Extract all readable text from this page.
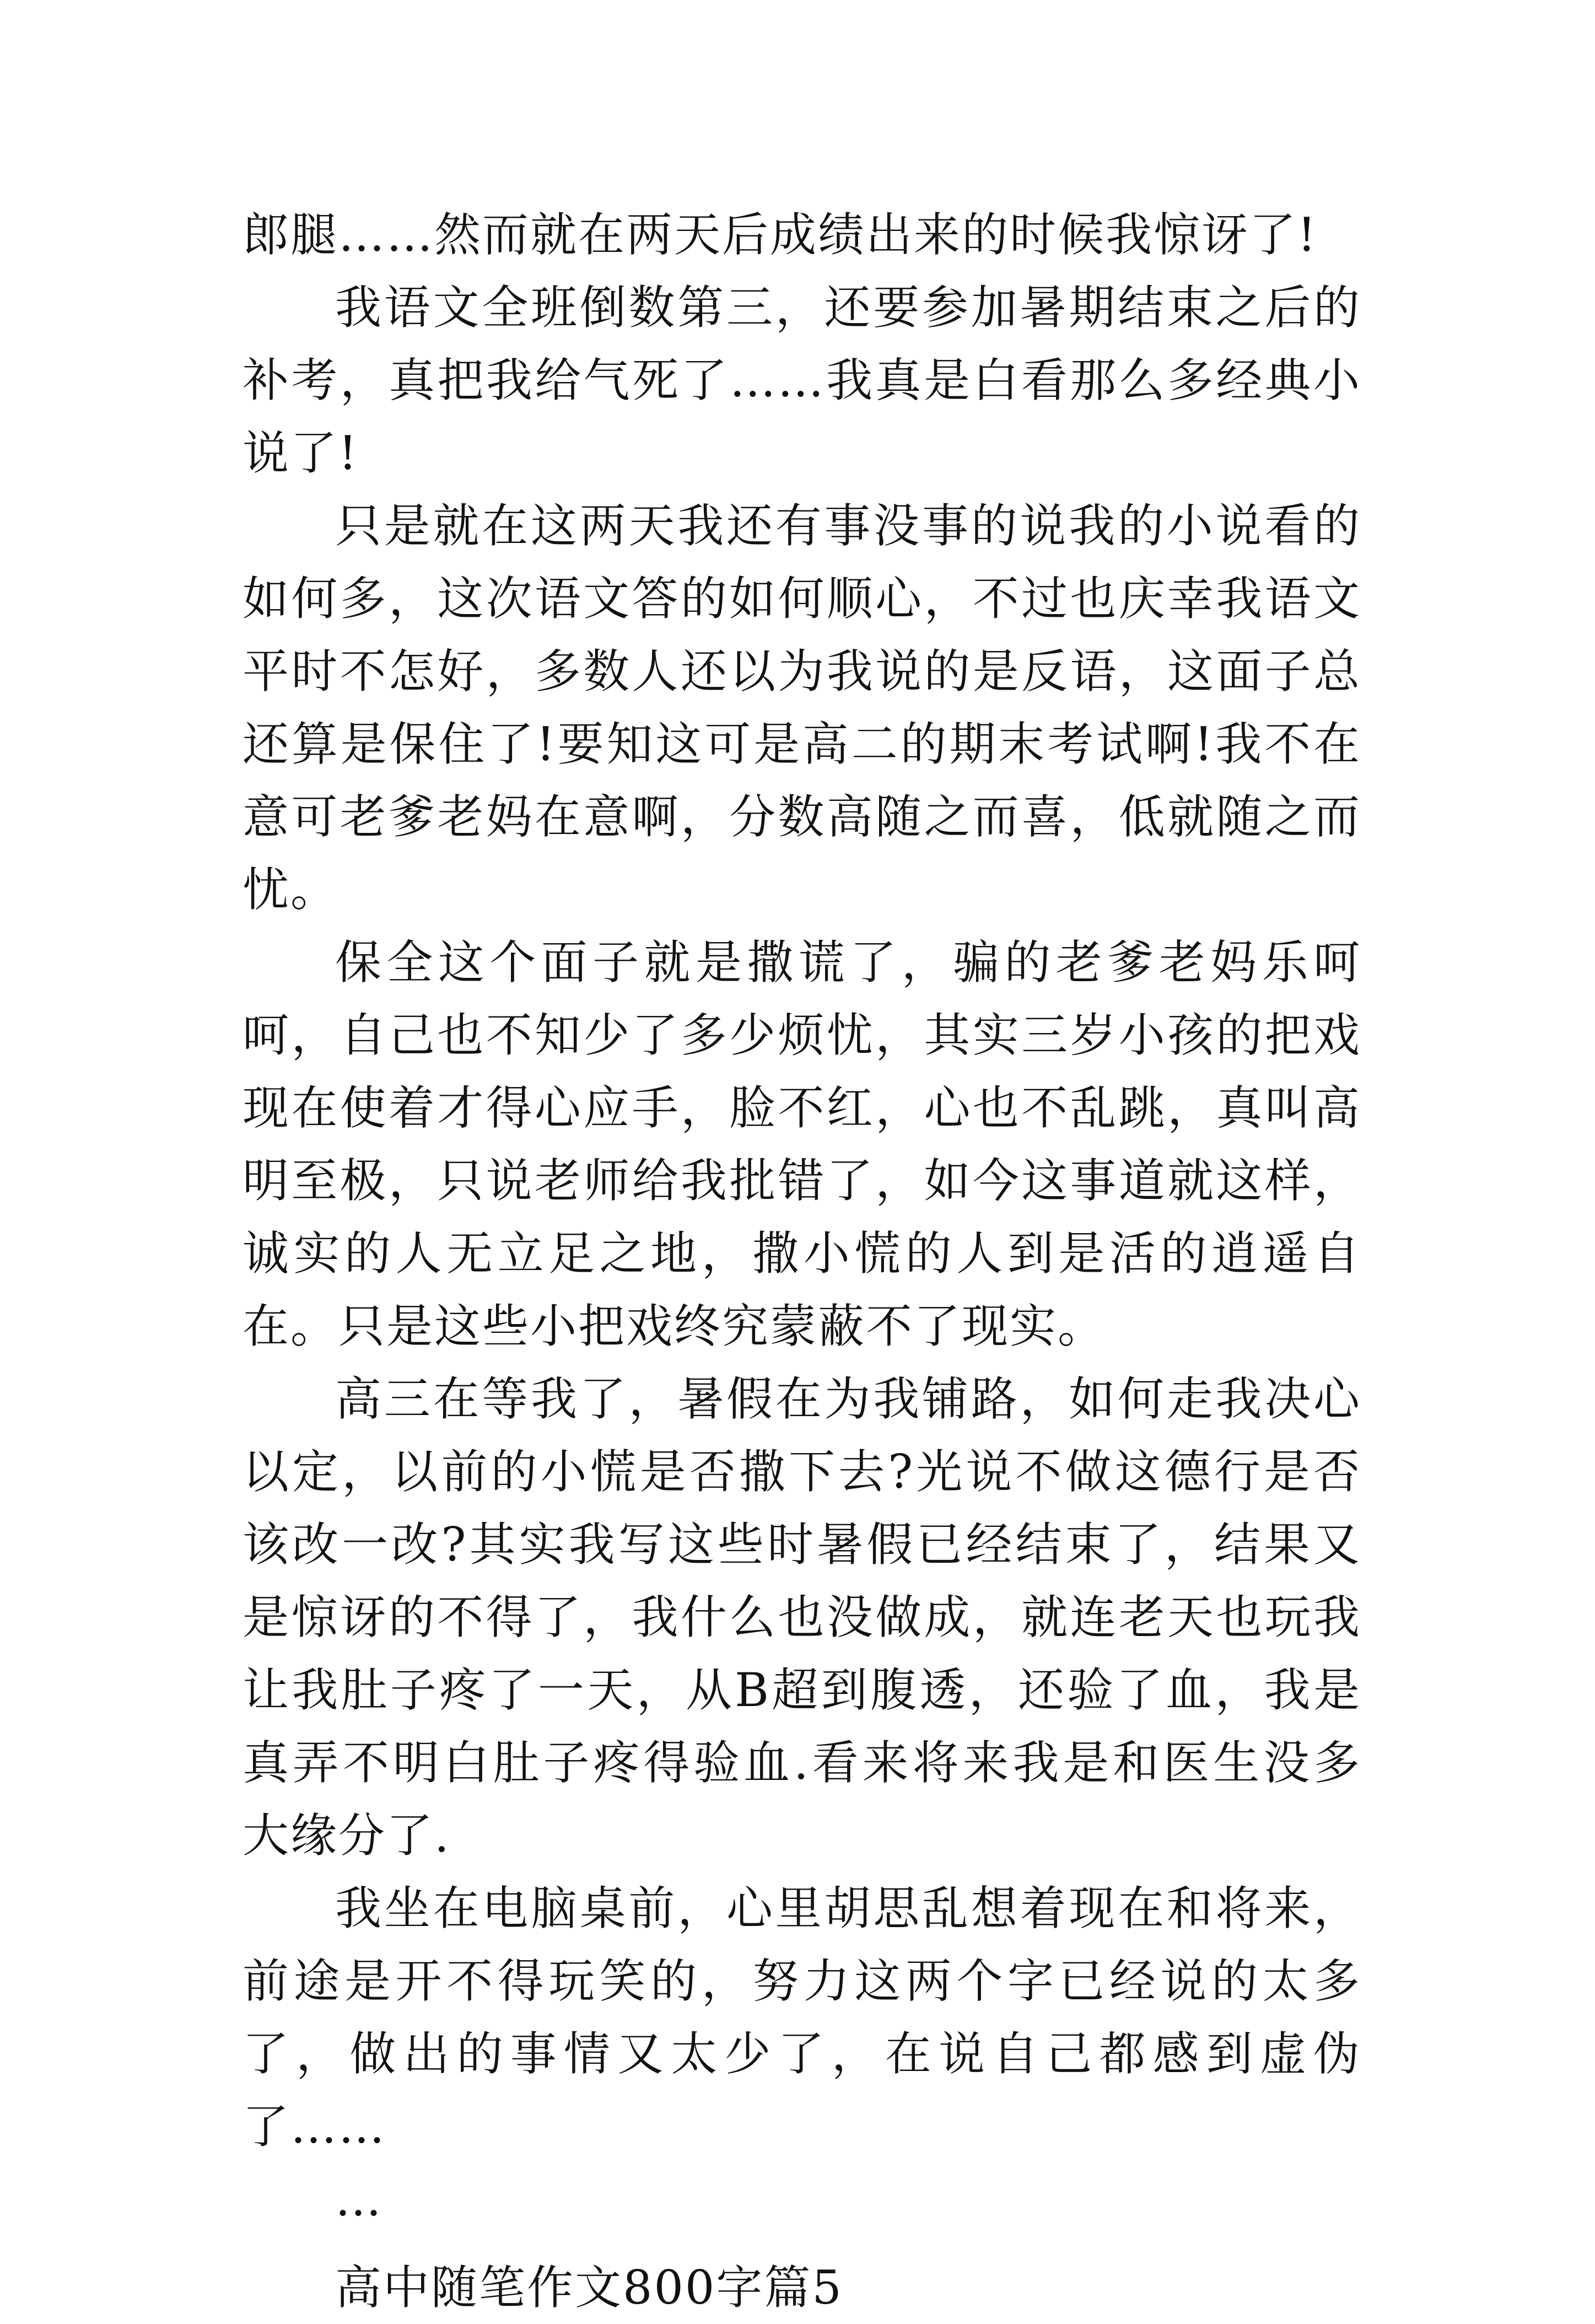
郎腿……然而就在两天后成绩出来的时候我惊讶了!

我语文全班倒数第三，还要参加暑期结束之后的补考，真把我给气死了……我真是白看那么多经典小说了!

只是就在这两天我还有事没事的说我的小说看的如何多，这次语文答的如何顺心，不过也庆幸我语文平时不怎好，多数人还以为我说的是反语，这面子总还算是保住了!要知这可是高二的期末考试啊!我不在意可老爹老妈在意啊，分数高随之而喜，低就随之而忧。

保全这个面子就是撒谎了，骗的老爹老妈乐呵呵，自己也不知少了多少烦忧，其实三岁小孩的把戏现在使着才得心应手，脸不红，心也不乱跳，真叫高明至极，只说老师给我批错了，如今这事道就这样，诚实的人无立足之地，撒小慌的人到是活的逍遥自在。只是这些小把戏终究蒙蔽不了现实。

高三在等我了，暑假在为我铺路，如何走我决心以定，以前的小慌是否撒下去?光说不做这德行是否该改一改?其实我写这些时暑假已经结束了，结果又是惊讶的不得了，我什么也没做成，就连老天也玩我让我肚子疼了一天，从B超到腹透，还验了血，我是真弄不明白肚子疼得验血.看来将来我是和医生没多大缘分了.

我坐在电脑桌前，心里胡思乱想着现在和将来，前途是开不得玩笑的，努力这两个字已经说的太多了，做出的事情又太少了，在说自己都感到虚伪了……

…

高中随笔作文800字篇5
